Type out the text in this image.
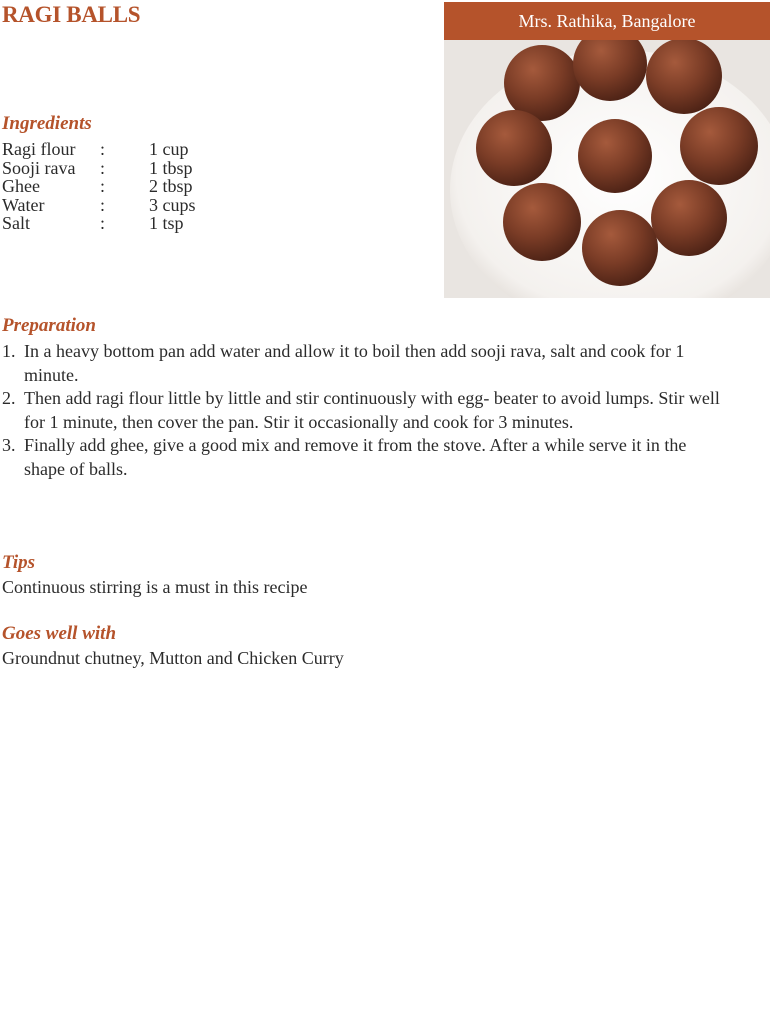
RAGI BALLS	Mrs. Rathika, Bangalore
Ingredients
Ragi flour	:	1 cup
Sooji rava	:	1 tbsp
Ghee	:	2 tbsp
Water	:	3 cups
Salt	:	1 tsp
Preparation
1. In a heavy bottom pan add water and allow it to boil then add sooji rava, salt and cook for 1 minute.
2. Then add ragi flour little by little and stir continuously with egg- beater to avoid lumps. Stir well for 1 minute, then cover the pan. Stir it occasionally and cook for 3 minutes.
3. Finally add ghee, give a good mix and remove it from the stove. After a while serve it in the shape of balls.
Tips

Continuous stirring is a must in this recipe

Goes well with

Groundnut chutney, Mutton and Chicken Curry
